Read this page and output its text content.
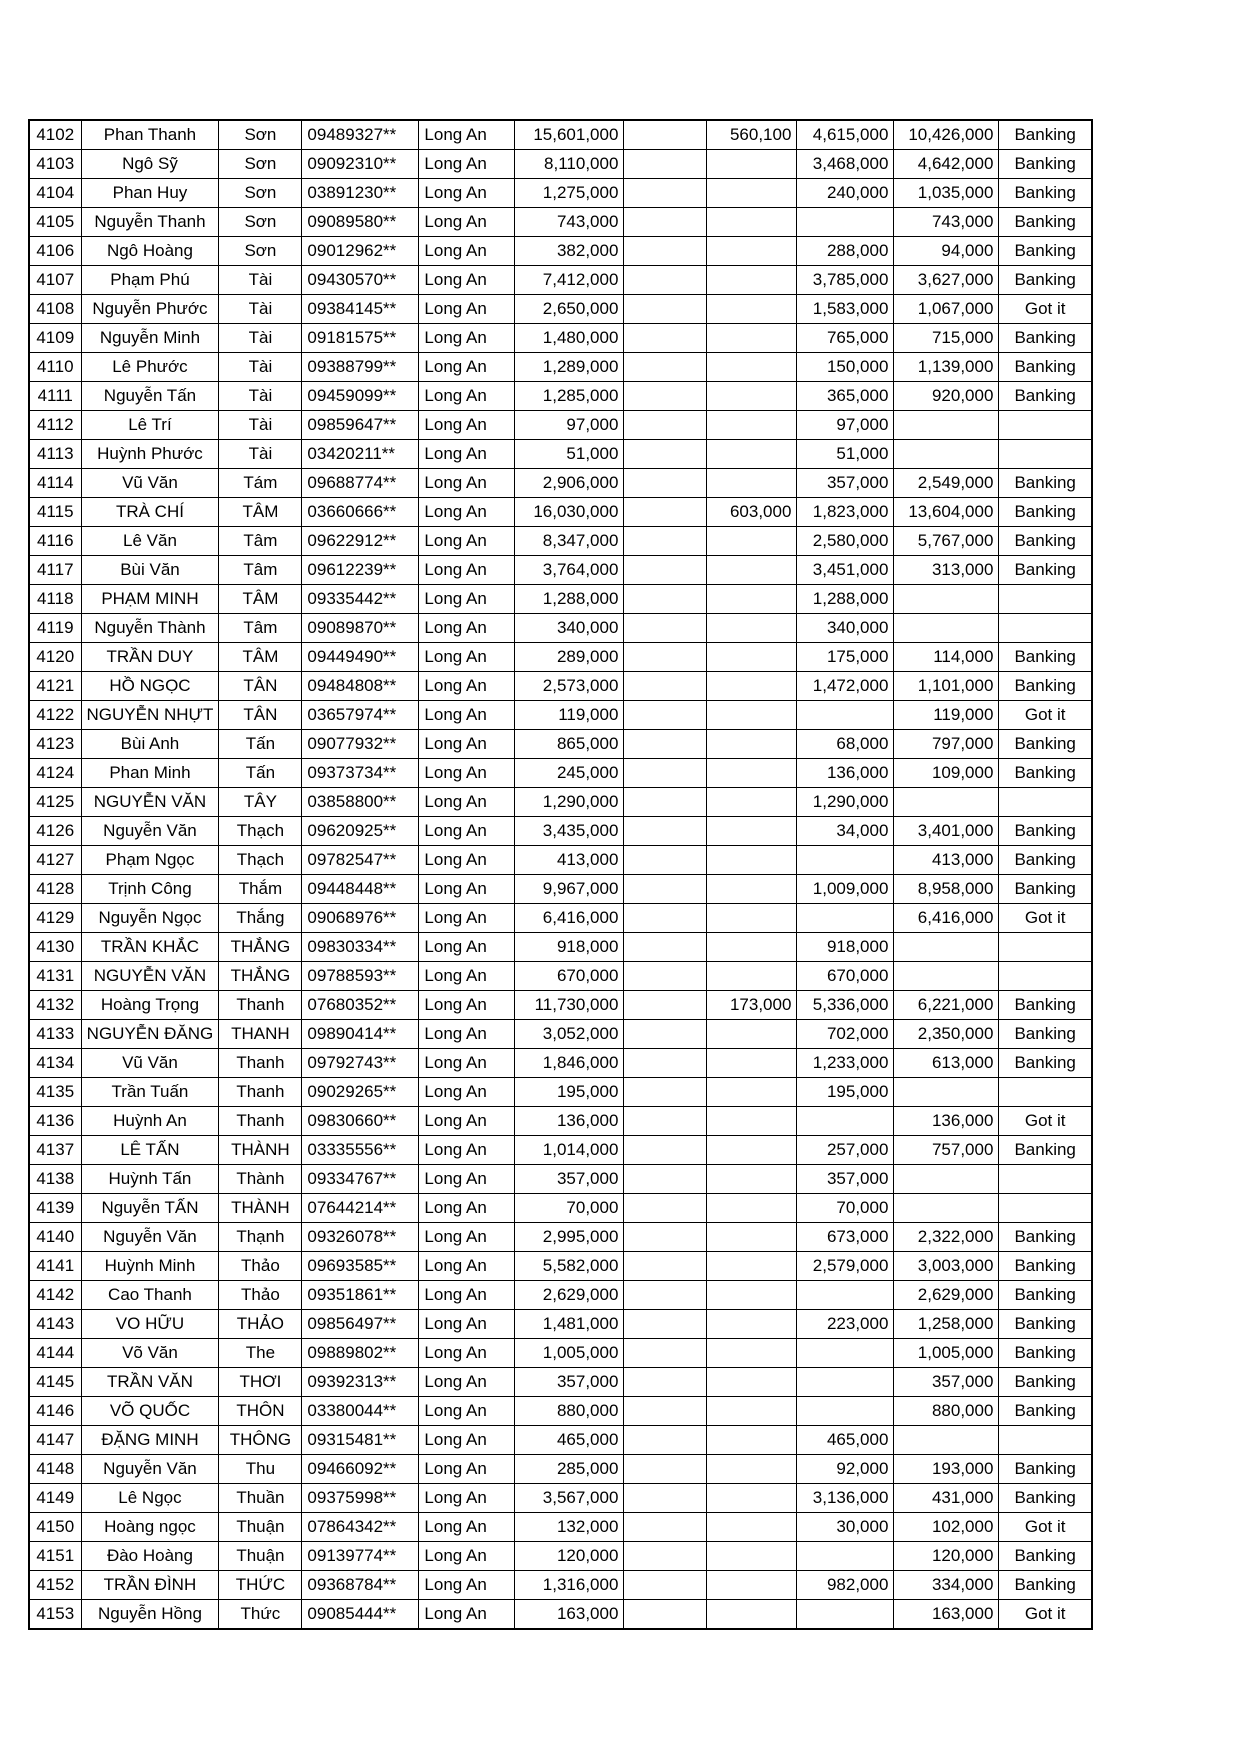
4102	Phan Thanh	Sơn	09489327**	Long An	15,601,000		560,100	4,615,000	10,426,000	Banking
4103	Ngô Sỹ	Sơn	09092310**	Long An	8,110,000			3,468,000	4,642,000	Banking
4104	Phan Huy	Sơn	03891230**	Long An	1,275,000			240,000	1,035,000	Banking
4105	Nguyễn Thanh	Sơn	09089580**	Long An	743,000				743,000	Banking
4106	Ngô Hoàng	Sơn	09012962**	Long An	382,000			288,000	94,000	Banking
4107	Phạm Phú	Tài	09430570**	Long An	7,412,000			3,785,000	3,627,000	Banking
4108	Nguyễn Phước	Tài	09384145**	Long An	2,650,000			1,583,000	1,067,000	Got it
4109	Nguyễn Minh	Tài	09181575**	Long An	1,480,000			765,000	715,000	Banking
4110	Lê Phước	Tài	09388799**	Long An	1,289,000			150,000	1,139,000	Banking
4111	Nguyễn Tấn	Tài	09459099**	Long An	1,285,000			365,000	920,000	Banking
4112	Lê Trí	Tài	09859647**	Long An	97,000			97,000		
4113	Huỳnh Phước	Tài	03420211**	Long An	51,000			51,000		
4114	Vũ Văn	Tám	09688774**	Long An	2,906,000			357,000	2,549,000	Banking
4115	TRÀ CHÍ	TÂM	03660666**	Long An	16,030,000		603,000	1,823,000	13,604,000	Banking
4116	Lê Văn	Tâm	09622912**	Long An	8,347,000			2,580,000	5,767,000	Banking
4117	Bùi Văn	Tâm	09612239**	Long An	3,764,000			3,451,000	313,000	Banking
4118	PHẠM MINH	TÂM	09335442**	Long An	1,288,000			1,288,000		
4119	Nguyễn Thành	Tâm	09089870**	Long An	340,000			340,000		
4120	TRẦN DUY	TÂM	09449490**	Long An	289,000			175,000	114,000	Banking
4121	HỒ NGỌC	TÂN	09484808**	Long An	2,573,000			1,472,000	1,101,000	Banking
4122	NGUYỄN NHỰT	TÂN	03657974**	Long An	119,000				119,000	Got it
4123	Bùi Anh	Tấn	09077932**	Long An	865,000			68,000	797,000	Banking
4124	Phan Minh	Tấn	09373734**	Long An	245,000			136,000	109,000	Banking
4125	NGUYỄN VĂN	TÂY	03858800**	Long An	1,290,000			1,290,000		
4126	Nguyễn Văn	Thạch	09620925**	Long An	3,435,000			34,000	3,401,000	Banking
4127	Phạm Ngọc	Thạch	09782547**	Long An	413,000				413,000	Banking
4128	Trịnh Công	Thắm	09448448**	Long An	9,967,000			1,009,000	8,958,000	Banking
4129	Nguyễn Ngọc	Thắng	09068976**	Long An	6,416,000				6,416,000	Got it
4130	TRẦN KHẮC	THẮNG	09830334**	Long An	918,000			918,000		
4131	NGUYỄN VĂN	THẮNG	09788593**	Long An	670,000			670,000		
4132	Hoàng Trọng	Thanh	07680352**	Long An	11,730,000		173,000	5,336,000	6,221,000	Banking
4133	NGUYỄN ĐĂNG	THANH	09890414**	Long An	3,052,000			702,000	2,350,000	Banking
4134	Vũ Văn	Thanh	09792743**	Long An	1,846,000			1,233,000	613,000	Banking
4135	Trần Tuấn	Thanh	09029265**	Long An	195,000			195,000		
4136	Huỳnh An	Thanh	09830660**	Long An	136,000				136,000	Got it
4137	LÊ TẤN	THÀNH	03335556**	Long An	1,014,000			257,000	757,000	Banking
4138	Huỳnh Tấn	Thành	09334767**	Long An	357,000			357,000		
4139	Nguyễn TẤN	THÀNH	07644214**	Long An	70,000			70,000		
4140	Nguyễn Văn	Thạnh	09326078**	Long An	2,995,000			673,000	2,322,000	Banking
4141	Huỳnh Minh	Thảo	09693585**	Long An	5,582,000			2,579,000	3,003,000	Banking
4142	Cao Thanh	Thảo	09351861**	Long An	2,629,000				2,629,000	Banking
4143	VO HỮU	THẢO	09856497**	Long An	1,481,000			223,000	1,258,000	Banking
4144	Võ Văn	The	09889802**	Long An	1,005,000				1,005,000	Banking
4145	TRẦN VĂN	THƠI	09392313**	Long An	357,000				357,000	Banking
4146	VÕ QUỐC	THÔN	03380044**	Long An	880,000				880,000	Banking
4147	ĐẶNG MINH	THÔNG	09315481**	Long An	465,000			465,000		
4148	Nguyễn Văn	Thu	09466092**	Long An	285,000			92,000	193,000	Banking
4149	Lê Ngọc	Thuần	09375998**	Long An	3,567,000			3,136,000	431,000	Banking
4150	Hoàng ngọc	Thuận	07864342**	Long An	132,000			30,000	102,000	Got it
4151	Đào Hoàng	Thuận	09139774**	Long An	120,000				120,000	Banking
4152	TRẦN ĐÌNH	THỨC	09368784**	Long An	1,316,000			982,000	334,000	Banking
4153	Nguyễn Hồng	Thức	09085444**	Long An	163,000				163,000	Got it
